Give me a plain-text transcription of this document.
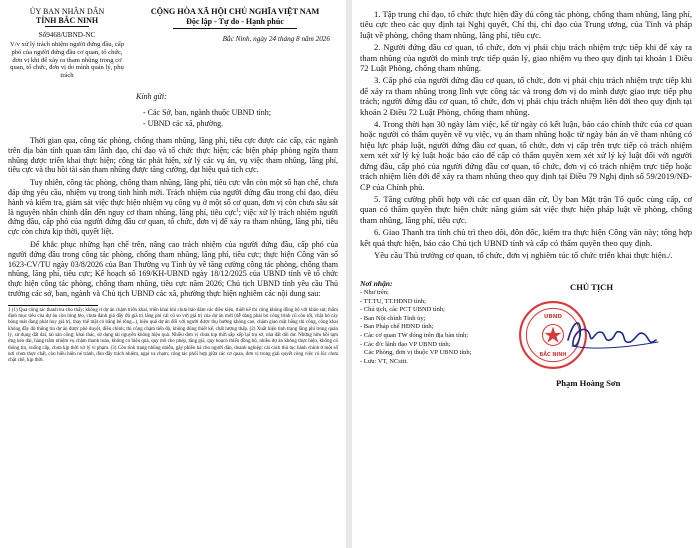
ỦY BAN NHÂN DÂN
TỈNH BẮC NINH
Số9468/UBND-NC
V/v xử lý trách nhiệm người đứng đầu, cấp phó của người đứng đầu cơ quan, tổ chức, đơn vị khi để xảy ra tham nhũng trong cơ quan, tổ chức, đơn vị do mình quản lý, phụ trách
CỘNG HÒA XÃ HỘI CHỦ NGHĨA VIỆT NAM
Độc lập - Tự do - Hạnh phúc
Bắc Ninh, ngày 24 tháng 8 năm 2026
Kính gửi:
- Các Sở, ban, ngành thuộc UBND tỉnh;
- UBND các xã, phường.
Thời gian qua, công tác phòng, chống tham nhũng, lãng phí, tiêu cực được các cấp, các ngành trên địa bàn tỉnh quan tâm lãnh đạo, chỉ đạo và tổ chức thực hiện; các biện pháp phòng ngừa tham nhũng được triển khai thực hiện; công tác phát hiện, xử lý các vụ án, vụ việc tham nhũng, lãng phí, tiêu cực và thu hồi tài sản tham nhũng được tăng cường, đạt hiệu quả tích cực.
Tuy nhiên, công tác phòng, chống tham nhũng, lãng phí, tiêu cực vẫn còn một số hạn chế, chưa đáp ứng yêu cầu, nhiệm vụ trong tình hình mới. Trách nhiệm của người đứng đầu trong chỉ đạo, điều hành và kiểm tra, giám sát việc thực hiện nhiệm vụ công vụ ở một số cơ quan, đơn vị còn chưa sâu sát là nguyên nhân chính dẫn đến nguy cơ tham nhũng, lãng phí, tiêu cực$^1$; việc xử lý trách nhiệm người đứng đầu, cấp phó của người đứng đầu cơ quan, tổ chức, đơn vị để xảy ra tham nhũng, lãng phí, tiêu cực còn chưa kịp thời, quyết liệt.
Để khắc phục những hạn chế trên, nâng cao trách nhiệm của người đứng đầu, cấp phó của người đứng đầu trong công tác phòng, chống tham nhũng, lãng phí, tiêu cực; thực hiện Công văn số 1623-CV/TU ngày 03/8/2026 của Ban Thường vụ Tỉnh ủy về tăng cường công tác phòng, chống tham nhũng, lãng phí, tiêu cực; Kế hoạch số 169/KH-UBND ngày 18/12/2025 của UBND tỉnh về tổ chức thực hiện công tác phòng, chống tham nhũng, tiêu cực năm 2026; Chủ tịch UBND tỉnh yêu cầu Thủ trưởng các sở, ban, ngành và Chủ tịch UBND các xã, phường thực hiện nghiêm các nội dung sau:
1 (1) Qua công tác thanh tra cho thấy: không ít dự án chậm triển khai, triển khai khi chưa bảo đảm các điều kiện, thiết kế thi công không đồng bộ với khảo sát; thẩm định mục tiêu của dự án còn lỏng lẻo, chưa đánh giá đầy đủ giá trị lãng phí cải cũ so với giá trị của dự án mới (dễ dàng phải bỏ công trình cũ còn tốt, chặt bỏ cây bóng mát đang phát huy giá trị, thay thế mặt cỏ bằng bê tông...), hiệu quả dự án đối với người được thụ hưởng không cao, chậm giao mặt bằng thi công, công khai không đầy đủ thông tin dự án được phê duyệt, điều chỉnh; thi công chậm tiến độ, không đúng thiết kế, chất lượng thấp. (2) Xuất hiện tình trạng lãng phí trong quản lý, sử dụng đất đai, tài sản công; khai thác, sử dụng tài nguyên không hiệu quả. Nhiều đơn vị chưa kịp thời sắp xếp lại trụ sở, nhà đất dôi dư. Những hữu hồi tạm ứng kéo dài, hàng trăm nhiệm vụ chậm thanh toán, không có hiệu quả, quy mô cho phép, tăng giá, quy hoạch thiếu đồng bộ, nhiều dự án không thực hiện, không có thông tin, xuống cấp, chưa kịp thời xử lý vi phạm. (3) Còn tình trạng nhũng nhiễu, gây phiền hà cho người dân, doanh nghiệp; cải cách thủ tục hành chính ở một số nơi chưa thực chất, còn biểu hiện né tránh, đùn đẩy trách nhiệm, ngại va chạm; công tác phối hợp giữa các cơ quan, đơn vị trong giải quyết công việc có lúc chưa chặt chẽ, kịp thời.
1. Tập trung chỉ đạo, tổ chức thực hiện đầy đủ công tác phòng, chống tham nhũng, lãng phí, tiêu cực theo các quy định tại Nghị quyết, Chỉ thị, chỉ đạo của Trung ương, của Tỉnh và pháp luật về phòng, chống tham nhũng, lãng phí, tiêu cực.
2. Người đứng đầu cơ quan, tổ chức, đơn vị phải chịu trách nhiệm trực tiếp khi để xảy ra tham nhũng của người do mình trực tiếp quản lý, giao nhiệm vụ theo quy định tại khoản 1 Điều 72 Luật Phòng, chống tham nhũng.
3. Cấp phó của người đứng đầu cơ quan, tổ chức, đơn vị phải chịu trách nhiệm trực tiếp khi để xảy ra tham nhũng trong lĩnh vực công tác và trong đơn vị do mình được giao trực tiếp phụ trách; người đứng đầu cơ quan, tổ chức, đơn vị phải chịu trách nhiệm liên đới theo quy định tại khoản 2 Điều 72 Luật Phòng, chống tham nhũng.
4. Trong thời hạn 30 ngày làm việc, kể từ ngày có kết luận, báo cáo chính thức của cơ quan hoặc người có thẩm quyền về vụ việc, vụ án tham nhũng hoặc từ ngày bản án về tham nhũng có hiệu lực pháp luật, người đứng đầu cơ quan, tổ chức, đơn vị cấp trên trực tiếp có trách nhiệm xem xét xử lý kỷ luật hoặc báo cáo để cấp có thẩm quyền xem xét xử lý kỷ luật đối với người đứng đầu, cấp phó của người đứng đầu cơ quan, tổ chức, đơn vị có trách nhiệm trực tiếp hoặc trách nhiệm liên đới để xảy ra tham nhũng theo quy định tại Điều 79 Nghị định số 59/2019/NĐ-CP của Chính phủ.
5. Tăng cường phối hợp với các cơ quan dân cử, Ủy ban Mặt trận Tổ quốc cùng cấp, cơ quan có thẩm quyền thực hiện chức năng giám sát việc thực hiện pháp luật về phòng, chống tham nhũng, lãng phí, tiêu cực.
6. Giao Thanh tra tỉnh chủ trì theo dõi, đôn đốc, kiểm tra thực hiện Công văn này; tổng hợp kết quả thực hiện, báo cáo Chủ tịch UBND tỉnh và cấp có thẩm quyền theo quy định.
Yêu cầu Thủ trưởng cơ quan, tổ chức, đơn vị nghiêm túc tổ chức triển khai thực hiện./.
Nơi nhận:
- Như trên;
- TT.TU, TT.HĐND tỉnh;
- Chủ tịch, các PCT UBND tỉnh;
- Ban Nội chính Tỉnh ủy;
- Ban Pháp chế HĐND tỉnh;
- Các cơ quan TW đóng trên địa bàn tỉnh;
- Các đ/c lãnh đạo VP UBND tỉnh;
Các Phòng, đơn vị thuộc VP UBND tỉnh;
- Lưu: VT, NCsttt.
CHỦ TỊCH
UBND
BẮC NINH
Phạm Hoàng Sơn
